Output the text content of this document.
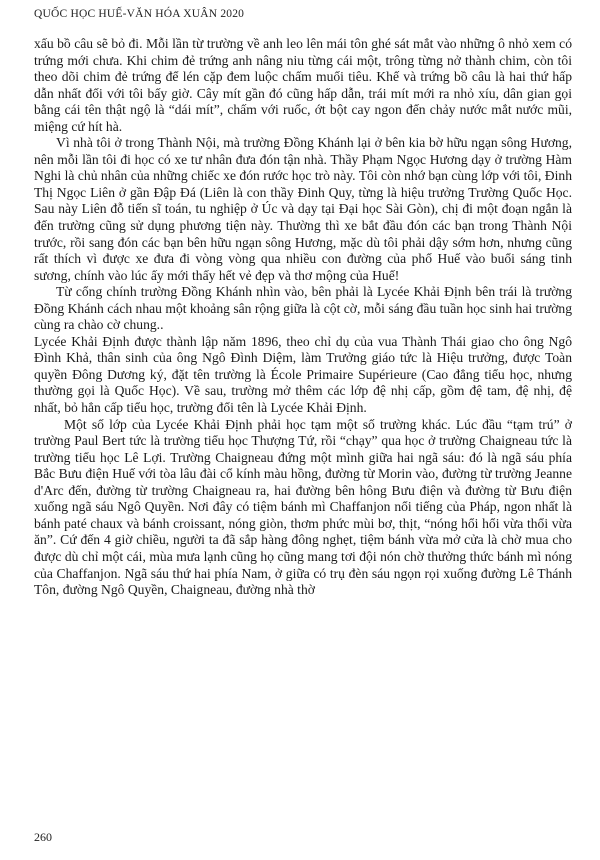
QUỐC HỌC HUẾ-VĂN HÓA XUÂN 2020

xấu bồ câu sẽ bỏ đi. Mỗi lần từ trường về anh leo lên mái tôn ghé sát mắt vào những ô nhỏ xem có trứng mới chưa. Khi chim đẻ trứng anh nâng niu từng cái một, trông từng nở thành chim, còn tôi theo dõi chim đẻ trứng để lén cặp đem luộc chấm muối tiêu. Khế và trứng bồ câu là hai thứ hấp dẫn nhất đối với tôi bấy giờ. Cây mít gần đó cũng hấp dẫn, trái mít mới ra nhỏ xíu, dân gian gọi bằng cái tên thật ngộ là “dái mít”, chấm với ruốc, ớt bột cay ngon đến chảy nước mắt nước mũi, miệng cứ hít hà.

Vì nhà tôi ở trong Thành Nội, mà trường Đồng Khánh lại ở bên kia bờ hữu ngạn sông Hương, nên mỗi lần tôi đi học có xe tư nhân đưa đón tận nhà. Thầy Phạm Ngọc Hương dạy ở trường Hàm Nghi là chủ nhân của những chiếc xe đón rước học trò này. Tôi còn nhớ bạn cùng lớp với tôi, Đinh Thị Ngọc Liên ở gần Đập Đá (Liên là con thầy Đinh Quy, từng là hiệu trưởng Trường Quốc Học. Sau này Liên đỗ tiến sĩ toán, tu nghiệp ở Úc và dạy tại Đại học Sài Gòn), chị đi một đoạn ngắn là đến trường cũng sử dụng phương tiện này. Thường thì xe bắt đầu đón các bạn trong Thành Nội trước, rồi sang đón các bạn bên hữu ngạn sông Hương, mặc dù tôi phải dậy sớm hơn, nhưng cũng rất thích vì được xe đưa đi vòng vòng qua nhiều con đường của phố Huế vào buổi sáng tinh sương, chính vào lúc ấy mới thấy hết vẻ đẹp và thơ mộng của Huế!

Từ cổng chính trường Đồng Khánh nhìn vào, bên phải là Lycée Khải Định bên trái là trường Đồng Khánh cách nhau một khoảng sân rộng giữa là cột cờ, mỗi sáng đầu tuần học sinh hai trường cùng ra chào cờ chung..

Lycée Khải Định được thành lập năm 1896, theo chỉ dụ của vua Thành Thái giao cho ông Ngô Đình Khả, thân sinh của ông Ngô Đình Diệm, làm Trưởng giáo tức là Hiệu trưởng, được Toàn quyền Đông Dương ký, đặt tên trường là École Primaire Supérieure (Cao đẳng tiểu học, nhưng thường gọi là Quốc Học). Về sau, trường mở thêm các lớp đệ nhị cấp, gồm đệ tam, đệ nhị, đệ nhất, bỏ hẳn cấp tiểu học, trường đổi tên là Lycée Khải Định.

Một số lớp của Lycée Khải Định phải học tạm một số trường khác. Lúc đầu “tạm trú” ở trường Paul Bert tức là trường tiểu học Thượng Tứ, rồi “chạy” qua học ở trường Chaigneau tức là trường tiểu học Lê Lợi. Trường Chaigneau đứng một mình giữa hai ngã sáu: đó là ngã sáu phía Bắc Bưu điện Huế với tòa lâu đài cổ kính màu hồng, đường từ Morin vào, đường từ trường Jeanne d'Arc đến, đường từ trường Chaigneau ra, hai đường bên hông Bưu điện và đường từ Bưu điện xuống ngã sáu Ngô Quyền. Nơi đây có tiệm bánh mì Chaffanjon nổi tiếng của Pháp, ngon nhất là bánh paté chaux và bánh croissant, nóng giòn, thơm phức mùi bơ, thịt, “nóng hổi hổi vừa thổi vừa ăn”. Cứ đến 4 giờ chiều, người ta đã sắp hàng đông nghẹt, tiệm bánh vừa mở cửa là chờ mua cho được dù chỉ một cái, mùa mưa lạnh cũng họ cũng mang tơi đội nón chờ thưởng thức bánh mì nóng của Chaffanjon. Ngã sáu thứ hai phía Nam, ở giữa có trụ đèn sáu ngọn rọi xuống đường Lê Thánh Tôn, đường Ngô Quyền, Chaigneau, đường nhà thờ

260
